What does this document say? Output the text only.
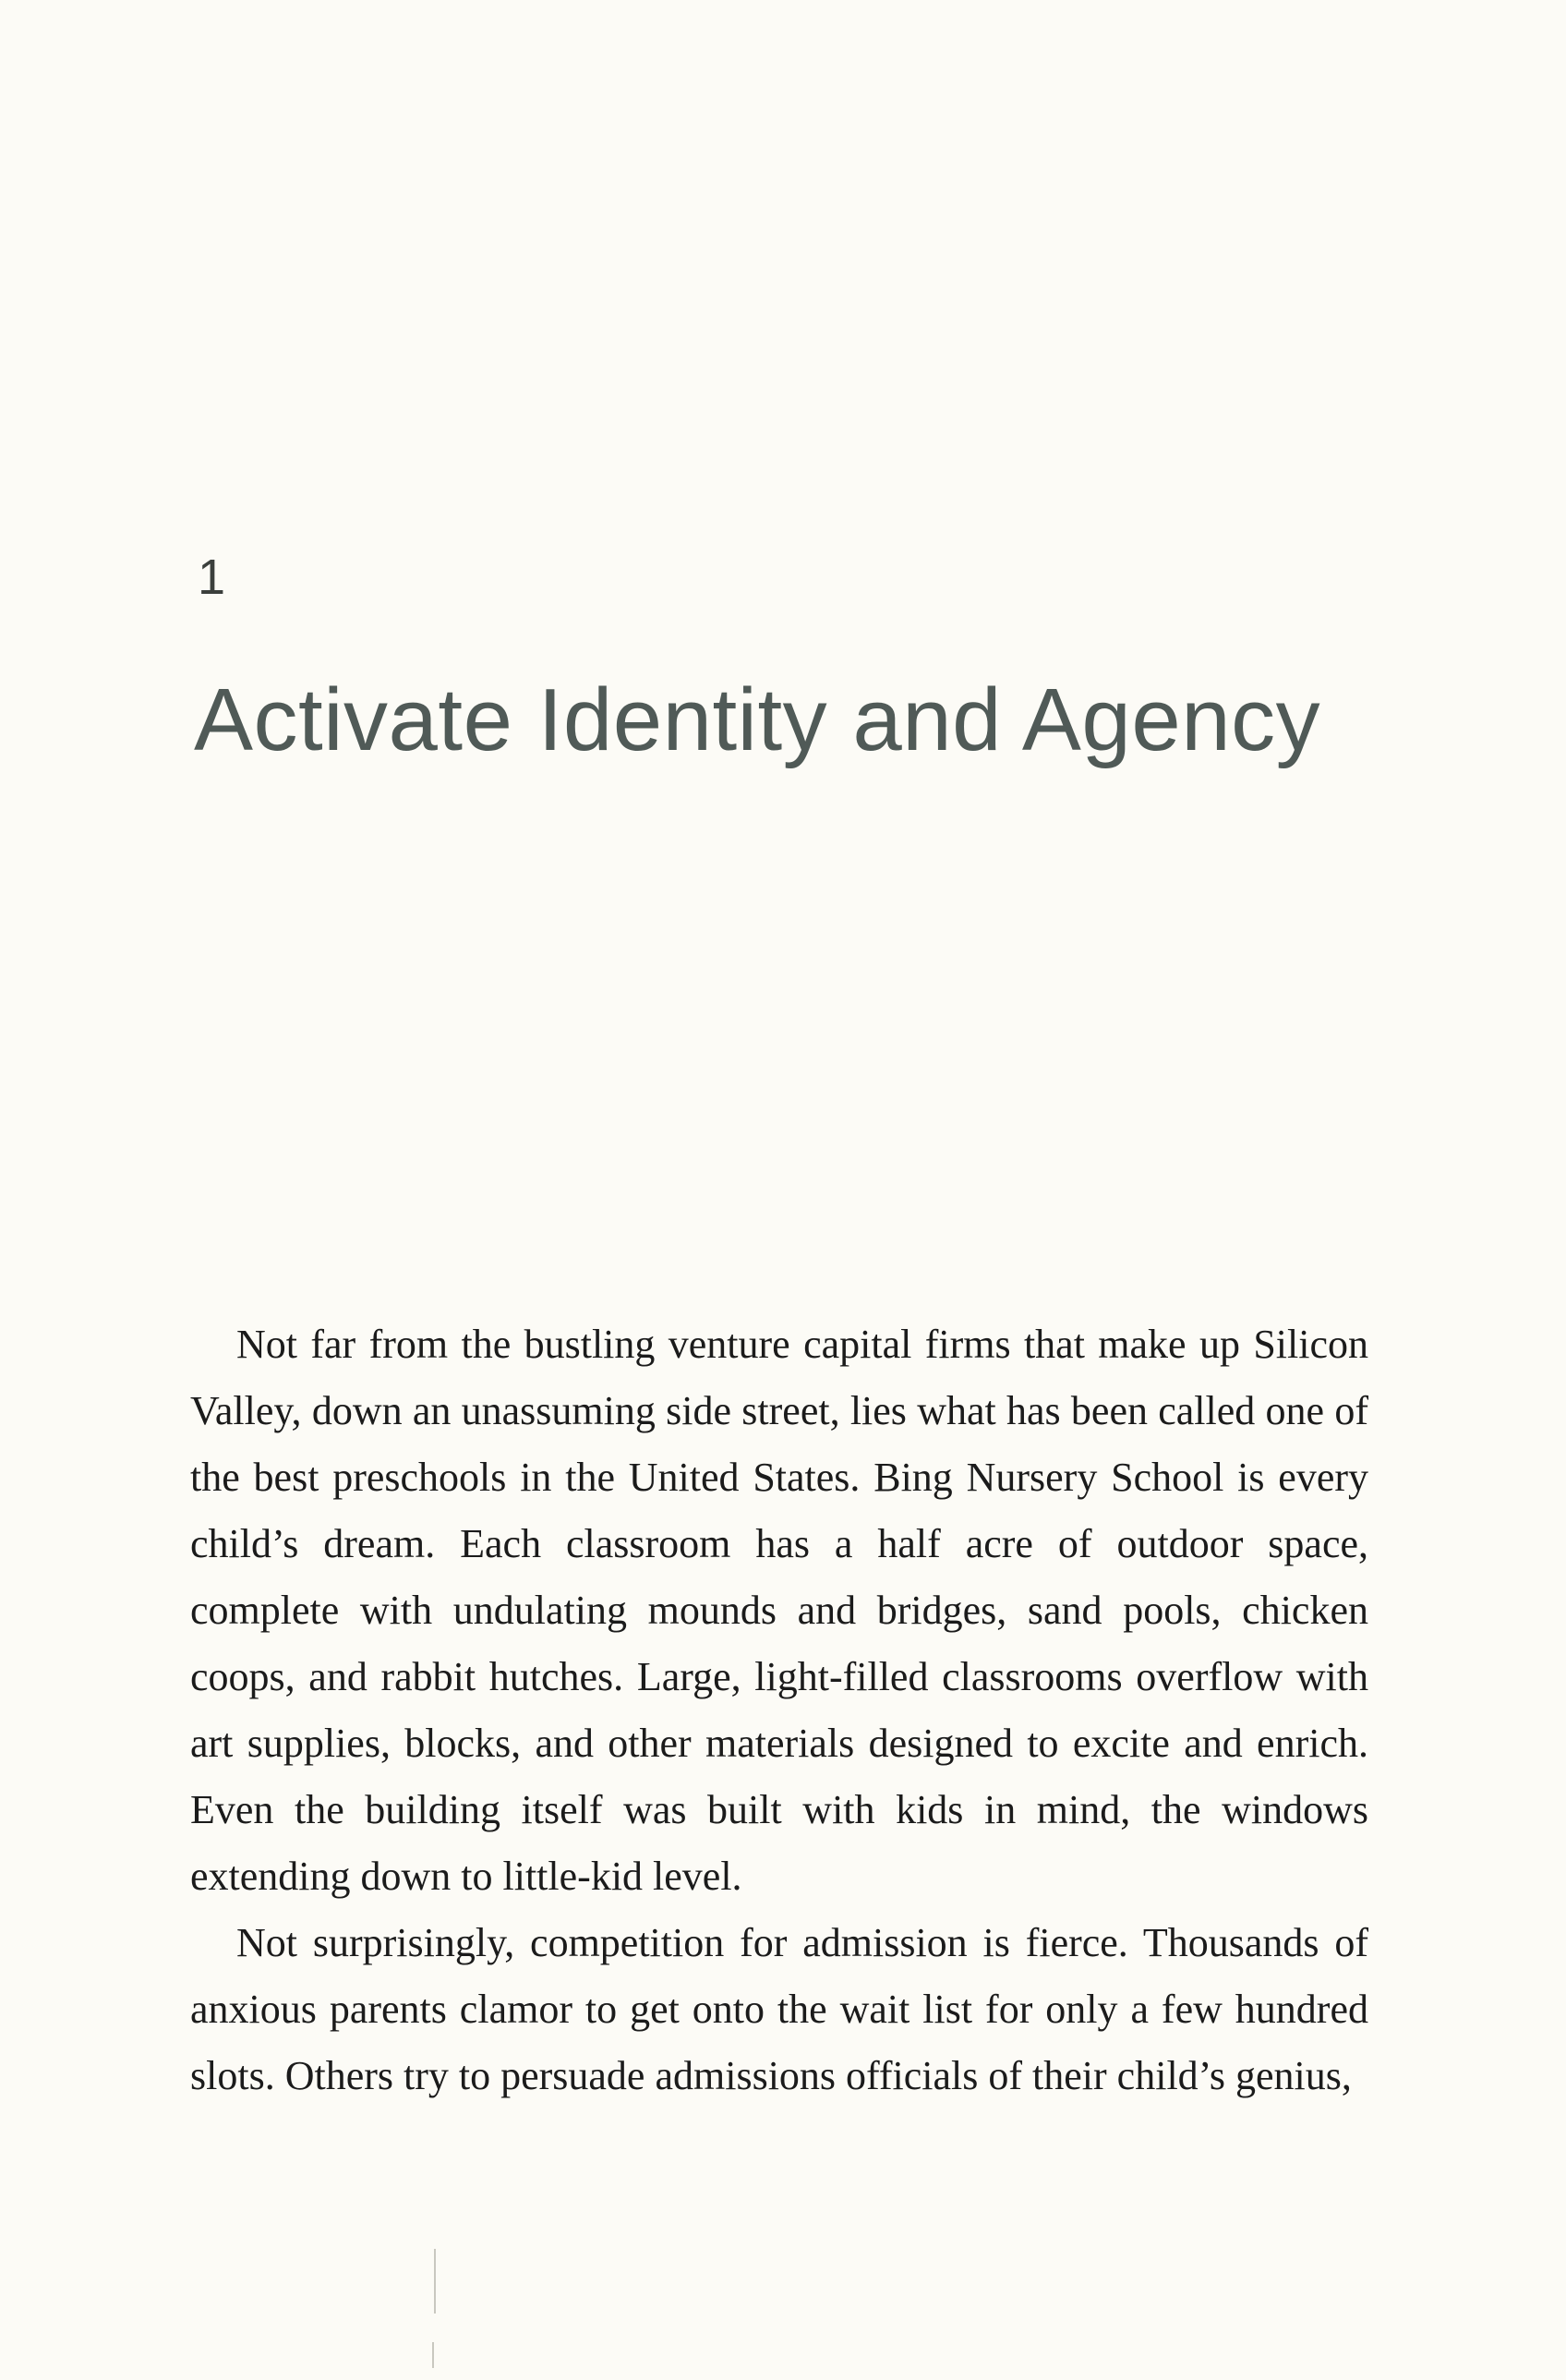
1
Activate Identity and Agency

Not far from the bustling venture capital firms that make up Silicon Valley, down an unassuming side street, lies what has been called one of the best preschools in the United States. Bing Nursery School is every child’s dream. Each classroom has a half acre of outdoor space, complete with undulating mounds and bridges, sand pools, chicken coops, and rabbit hutches. Large, light-filled classrooms overflow with art supplies, blocks, and other materials designed to excite and enrich. Even the building itself was built with kids in mind, the windows extending down to little-kid level.

Not surprisingly, competition for admission is fierce. Thousands of anxious parents clamor to get onto the wait list for only a few hundred slots. Others try to persuade admissions officials of their child’s genius,
